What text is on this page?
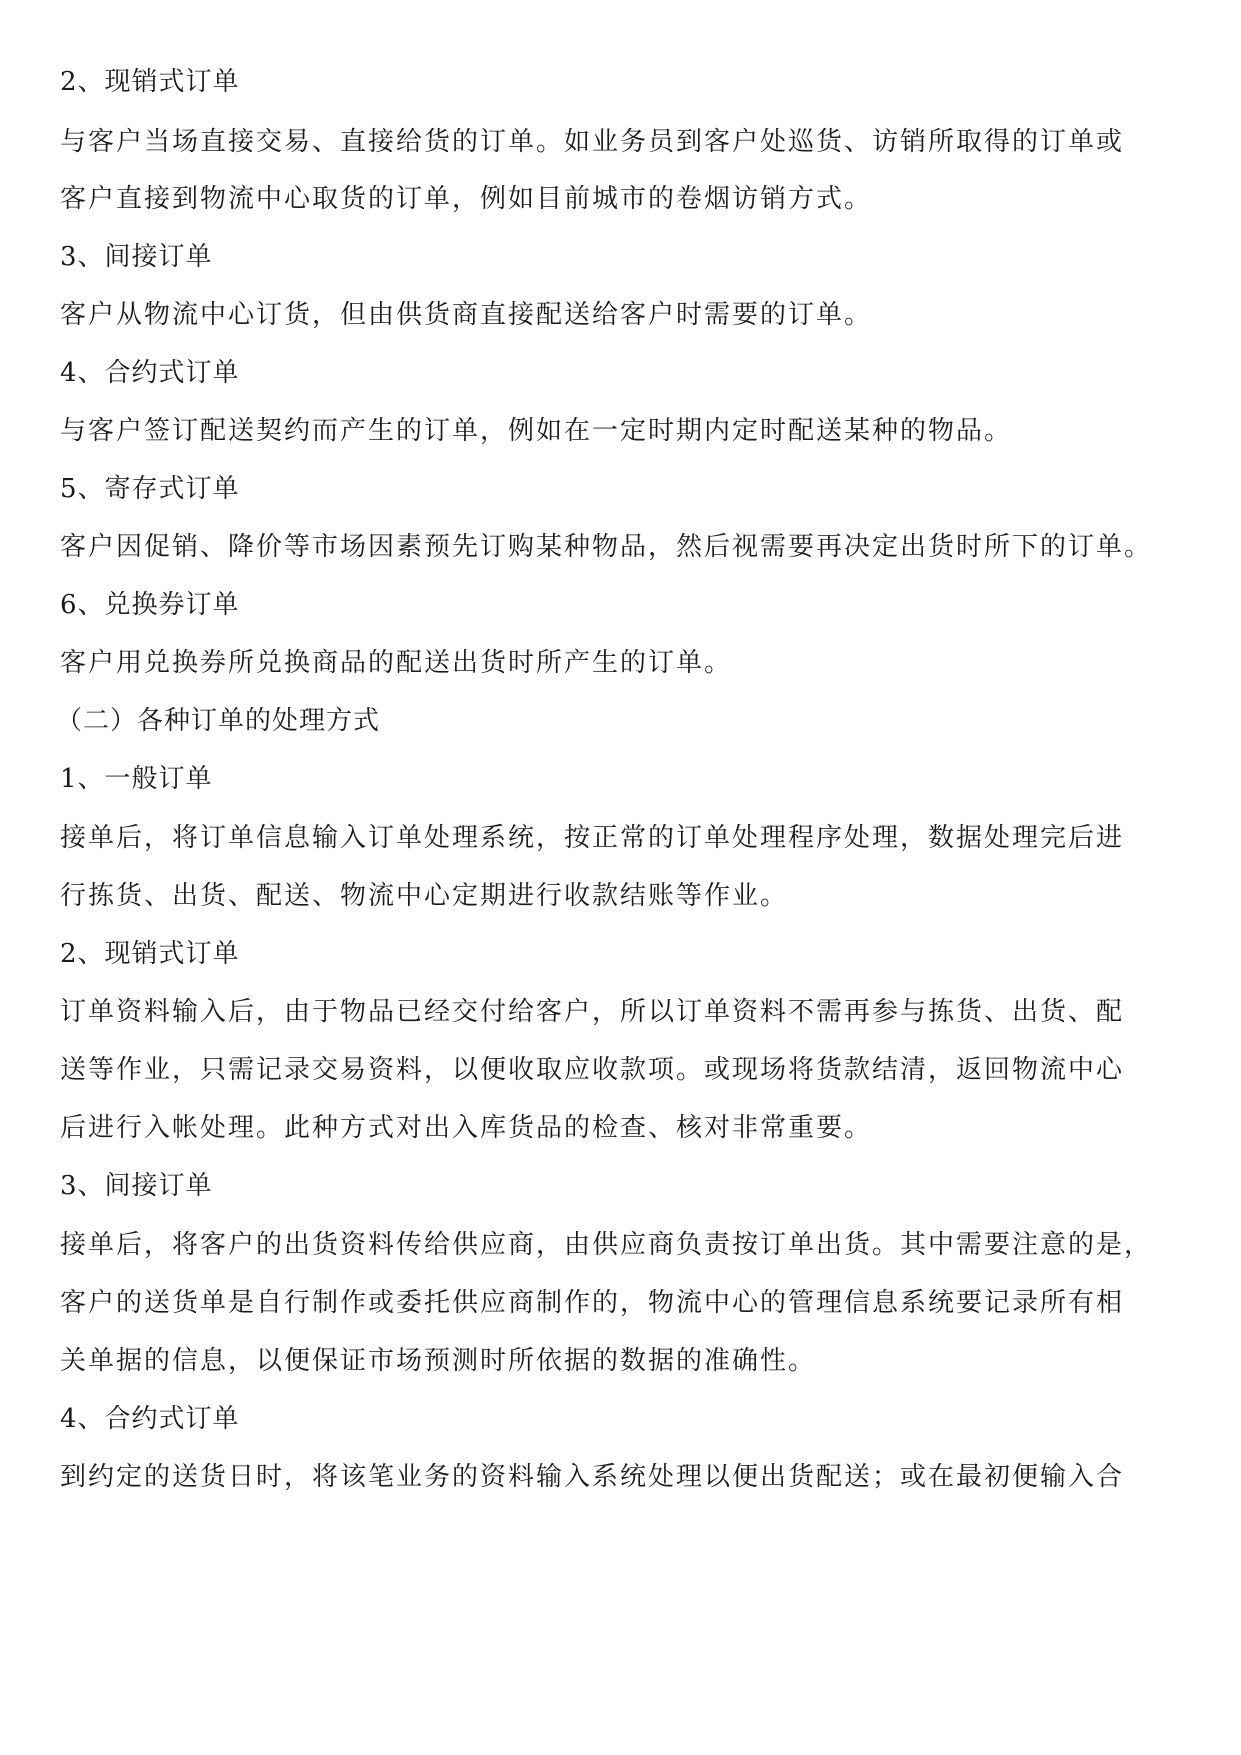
2、现销式订单

与客户当场直接交易、直接给货的订单。如业务员到客户处巡货、访销所取得的订单或

客户直接到物流中心取货的订单，例如目前城市的卷烟访销方式。

3、间接订单

客户从物流中心订货，但由供货商直接配送给客户时需要的订单。

4、合约式订单

与客户签订配送契约而产生的订单，例如在一定时期内定时配送某种的物品。

5、寄存式订单

客户因促销、降价等市场因素预先订购某种物品，然后视需要再决定出货时所下的订单。

6、兑换券订单

客户用兑换券所兑换商品的配送出货时所产生的订单。

（二）各种订单的处理方式

1、一般订单

接单后，将订单信息输入订单处理系统，按正常的订单处理程序处理，数据处理完后进

行拣货、出货、配送、物流中心定期进行收款结账等作业。

2、现销式订单

订单资料输入后，由于物品已经交付给客户，所以订单资料不需再参与拣货、出货、配

送等作业，只需记录交易资料，以便收取应收款项。或现场将货款结清，返回物流中心

后进行入帐处理。此种方式对出入库货品的检查、核对非常重要。

3、间接订单

接单后，将客户的出货资料传给供应商，由供应商负责按订单出货。其中需要注意的是，

客户的送货单是自行制作或委托供应商制作的，物流中心的管理信息系统要记录所有相

关单据的信息，以便保证市场预测时所依据的数据的准确性。

4、合约式订单

到约定的送货日时，将该笔业务的资料输入系统处理以便出货配送；或在最初便输入合
